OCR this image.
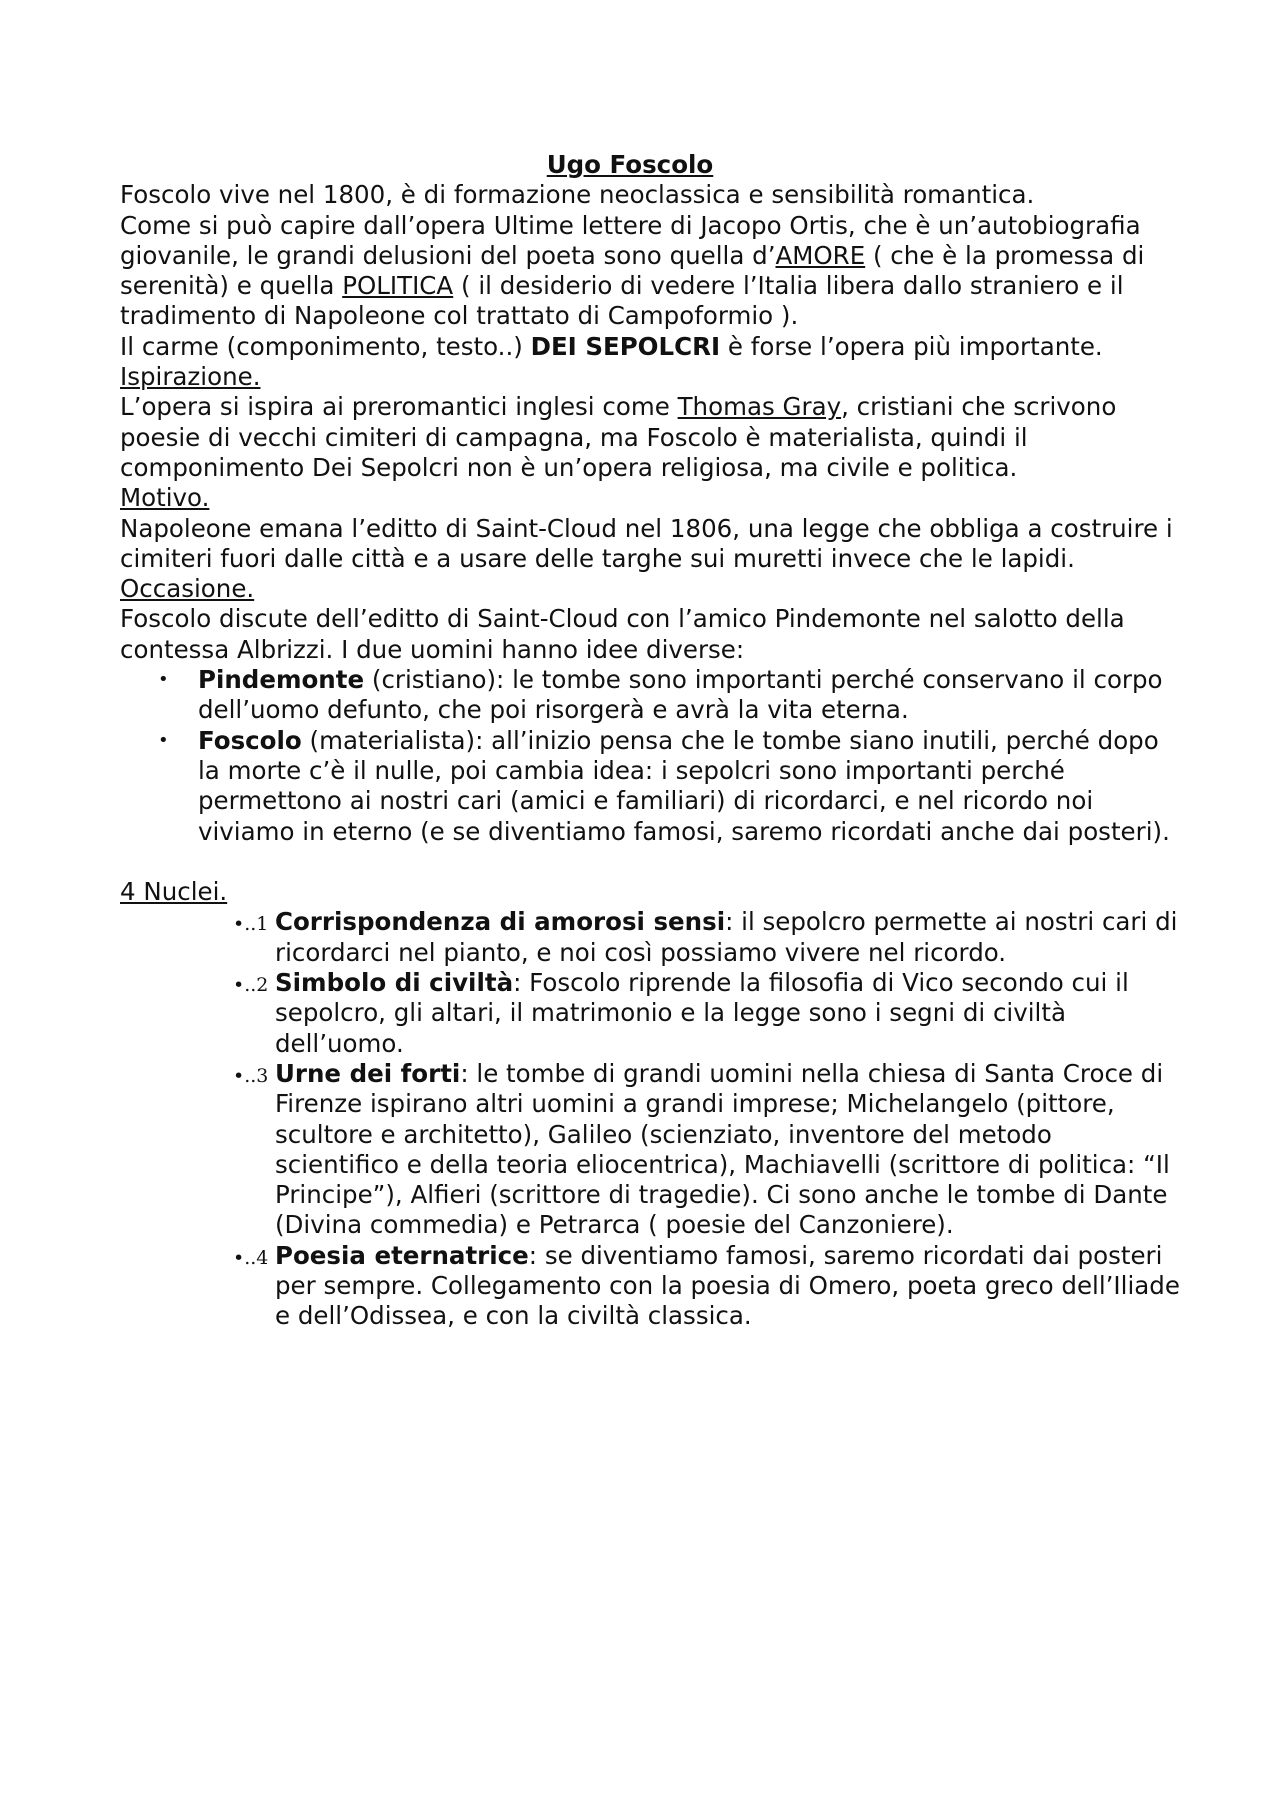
Ugo Foscolo

Foscolo vive nel 1800, è di formazione neoclassica e sensibilità romantica.

Come si può capire dall’opera Ultime lettere di Jacopo Ortis, che è un’autobiografia giovanile, le grandi delusioni del poeta sono quella d’AMORE ( che è la promessa di serenità) e quella POLITICA ( il desiderio di vedere l’Italia libera dallo straniero e il tradimento di Napoleone col trattato di Campoformio ).

Il carme (componimento, testo..) DEI SEPOLCRI è forse l’opera più importante.

Ispirazione.

L’opera si ispira ai preromantici inglesi come Thomas Gray, cristiani che scrivono poesie di vecchi cimiteri di campagna, ma Foscolo è materialista, quindi il componimento Dei Sepolcri non è un’opera religiosa, ma civile e politica.

Motivo.

Napoleone emana l’editto di Saint-Cloud nel 1806, una legge che obbliga a costruire i cimiteri fuori dalle città e a usare delle targhe sui muretti invece che le lapidi.

Occasione.

Foscolo discute dell’editto di Saint-Cloud con l’amico Pindemonte nel salotto della contessa Albrizzi. I due uomini hanno idee diverse:

• Pindemonte (cristiano): le tombe sono importanti perché conservano il corpo dell’uomo defunto, che poi risorgerà e avrà la vita eterna.
• Foscolo (materialista): all’inizio pensa che le tombe siano inutili, perché dopo la morte c’è il nulle, poi cambia idea: i sepolcri sono importanti perché permettono ai nostri cari (amici e familiari) di ricordarci, e nel ricordo noi viviamo in eterno (e se diventiamo famosi, saremo ricordati anche dai posteri).

4 Nuclei.

•..1 Corrispondenza di amorosi sensi: il sepolcro permette ai nostri cari di ricordarci nel pianto, e noi così possiamo vivere nel ricordo.
•..2 Simbolo di civiltà: Foscolo riprende la filosofia di Vico secondo cui il sepolcro, gli altari, il matrimonio e la legge sono i segni di civiltà dell’uomo.
•..3 Urne dei forti: le tombe di grandi uomini nella chiesa di Santa Croce di Firenze ispirano altri uomini a grandi imprese; Michelangelo (pittore, scultore e architetto), Galileo (scienziato, inventore del metodo scientifico e della teoria eliocentrica), Machiavelli (scrittore di politica: “Il Principe”), Alfieri (scrittore di tragedie). Ci sono anche le tombe di Dante (Divina commedia) e Petrarca ( poesie del Canzoniere).
•..4 Poesia eternatrice: se diventiamo famosi, saremo ricordati dai posteri per sempre. Collegamento con la poesia di Omero, poeta greco dell’Iliade e dell’Odissea, e con la civiltà classica.
